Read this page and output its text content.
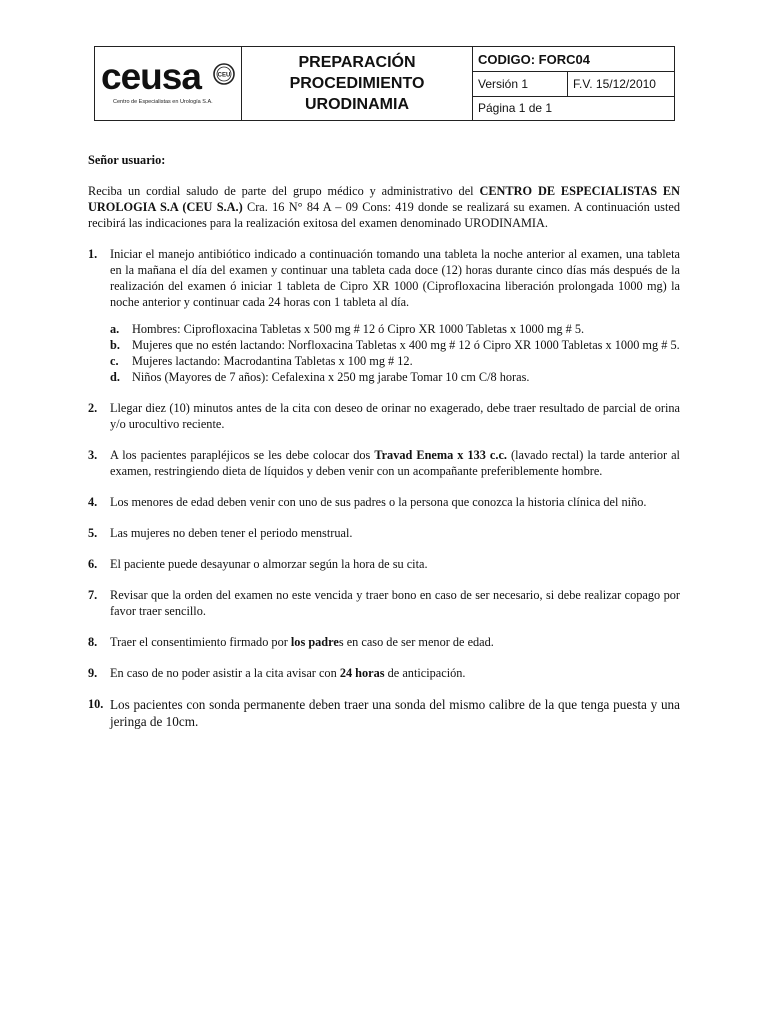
ceusa	CEU
Centro de Especialistas en Urología S.A.
PREPARACIÓN
PROCEDIMIENTO
URODINAMIA
CODIGO: FORC04
Versión 1	F.V. 15/12/2010
Página 1 de 1

Señor usuario:

Reciba un cordial saludo de parte del grupo médico y administrativo del CENTRO DE ESPECIALISTAS EN UROLOGIA S.A (CEU S.A.) Cra. 16 N° 84 A – 09 Cons: 419 donde se realizará su examen. A continuación usted recibirá las indicaciones para la realización exitosa del examen denominado URODINAMIA.

1.	Iniciar el manejo antibiótico indicado a continuación tomando una tableta la noche anterior al examen, una tableta en la mañana el día del examen y continuar una tableta cada doce (12) horas durante cinco días más después de la realización del examen ó iniciar 1 tableta de Cipro XR 1000 (Ciprofloxacina liberación prolongada 1000 mg) la noche anterior y continuar cada 24 horas con 1 tableta al día.
a.	Hombres: Ciprofloxacina Tabletas x 500 mg # 12 ó Cipro XR 1000 Tabletas x 1000 mg # 5.
b. Mujeres que no estén lactando: Norfloxacina Tabletas x 400 mg # 12 ó Cipro XR 1000 Tabletas x 1000 mg # 5.
c.	Mujeres lactando: Macrodantina Tabletas x 100 mg # 12.
d. Niños (Mayores de 7 años): Cefalexina x 250 mg jarabe Tomar 10 cm C/8 horas.
2.	Llegar diez (10) minutos antes de la cita con deseo de orinar no exagerado, debe traer resultado de parcial de orina y/o urocultivo reciente.
3.	A los pacientes parapléjicos se les debe colocar dos Travad Enema x 133 c.c. (lavado rectal) la tarde anterior al examen, restringiendo dieta de líquidos y deben venir con un acompañante preferiblemente hombre.
4.	Los menores de edad deben venir con uno de sus padres o la persona que conozca la historia clínica del niño.
5.	Las mujeres no deben tener el periodo menstrual.
6.	El paciente puede desayunar o almorzar según la hora de su cita.
7.	Revisar que la orden del examen no este vencida y traer bono en caso de ser necesario, si debe realizar copago por favor traer sencillo.
8.	Traer el consentimiento firmado por los padres en caso de ser menor de edad.
9.	En caso de no poder asistir a la cita avisar con 24 horas de anticipación.
10. Los pacientes con sonda permanente deben traer una sonda del mismo calibre de la que tenga puesta y una jeringa de 10cm.
